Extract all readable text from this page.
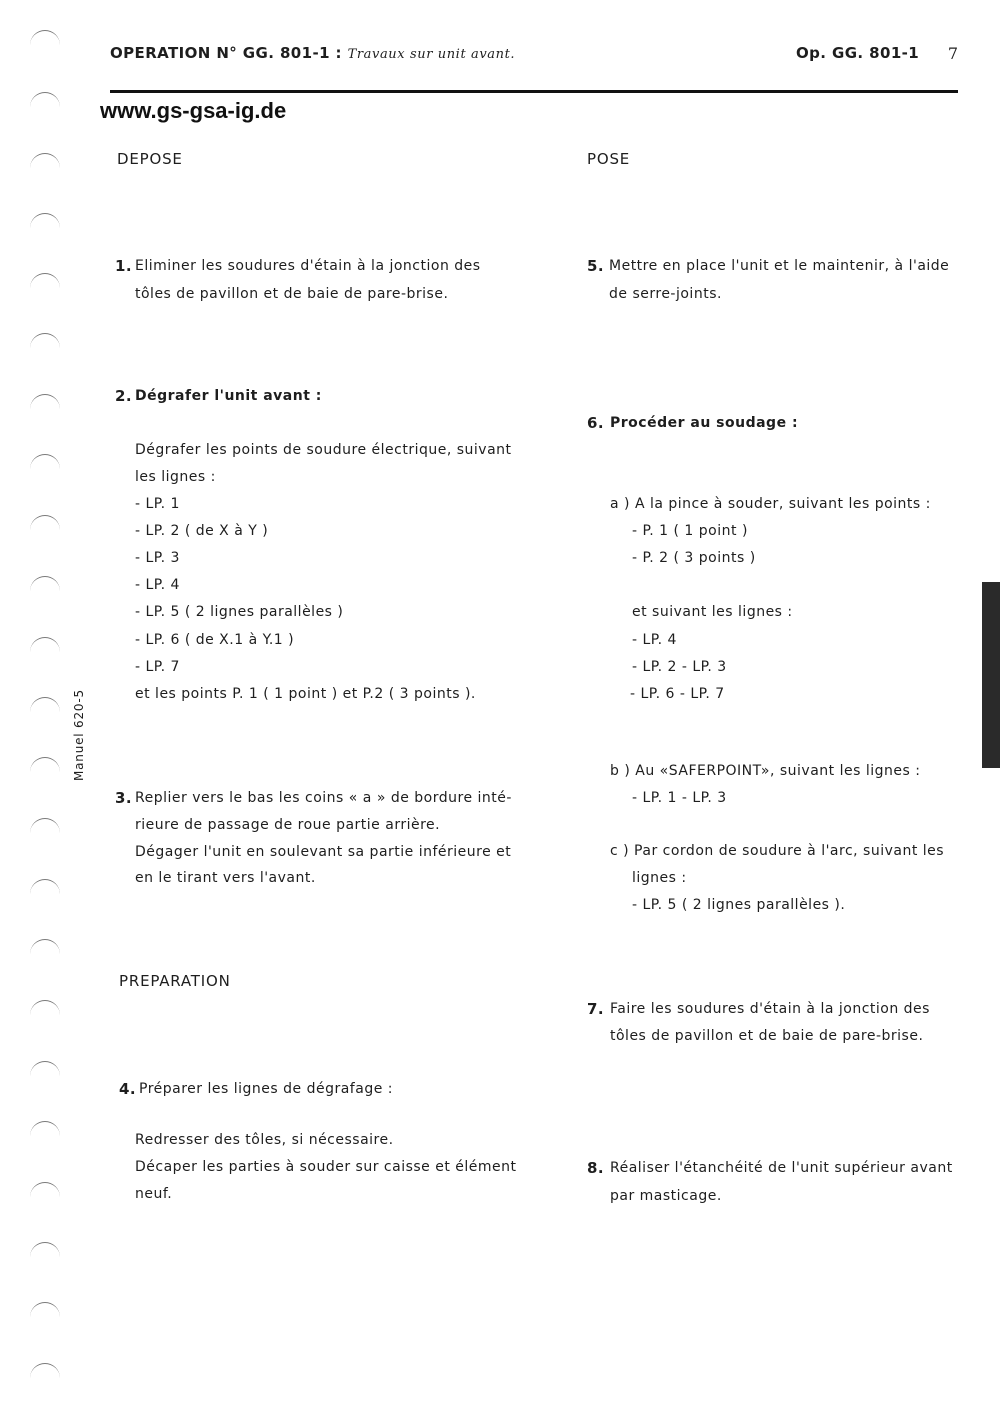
OPERATION N° GG. 801-1 : Travaux sur unit avant.	Op. GG. 801-1 7
www.gs-gsa-ig.de
Manuel 620-5
DEPOSE
1. Eliminer les soudures d'étain à la jonction des
tôles de pavillon et de baie de pare-brise.
2. Dégrafer l'unit avant :
Dégrafer les points de soudure électrique, suivant
les lignes :
- LP. 1
- LP. 2 ( de X à Y )
- LP. 3
- LP. 4
- LP. 5 ( 2 lignes parallèles )
- LP. 6 ( de X.1 à Y.1 )
- LP. 7
et les points P. 1 ( 1 point ) et P.2 ( 3 points ).
3. Replier vers le bas les coins « a » de bordure inté-
rieure de passage de roue partie arrière.
Dégager l'unit en soulevant sa partie inférieure et
en le tirant vers l'avant.
PREPARATION
4. Préparer les lignes de dégrafage :
Redresser des tôles, si nécessaire.
Décaper les parties à souder sur caisse et élément
neuf.
POSE
5. Mettre en place l'unit et le maintenir, à l'aide
de serre-joints.
6. Procéder au soudage :
a ) A la pince à souder, suivant les points :
- P. 1 ( 1 point )
- P. 2 ( 3 points )
et suivant les lignes :
- LP. 4
- LP. 2 - LP. 3
- LP. 6 - LP. 7
b ) Au «SAFERPOINT», suivant les lignes :
- LP. 1 - LP. 3
c ) Par cordon de soudure à l'arc, suivant les
lignes :
- LP. 5 ( 2 lignes parallèles ).
7. Faire les soudures d'étain à la jonction des
tôles de pavillon et de baie de pare-brise.
8. Réaliser l'étanchéité de l'unit supérieur avant
par masticage.
